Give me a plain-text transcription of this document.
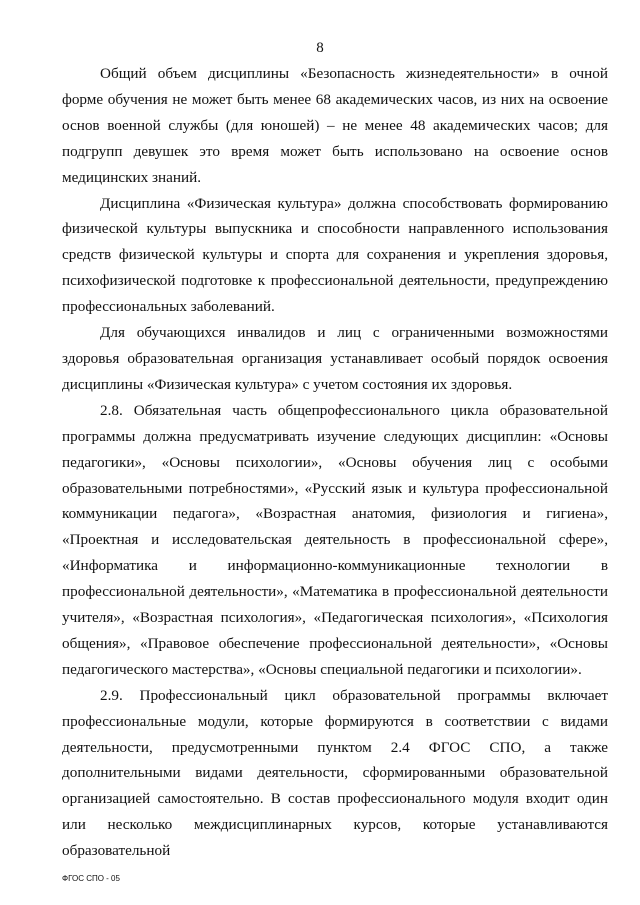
8

Общий объем дисциплины «Безопасность жизнедеятельности» в очной форме обучения не может быть менее 68 академических часов, из них на освоение основ военной службы (для юношей) – не менее 48 академических часов; для подгрупп девушек это время может быть использовано на освоение основ медицинских знаний.

Дисциплина «Физическая культура» должна способствовать формированию физической культуры выпускника и способности направленного использования средств физической культуры и спорта для сохранения и укрепления здоровья, психофизической подготовке к профессиональной деятельности, предупреждению профессиональных заболеваний.

Для обучающихся инвалидов и лиц с ограниченными возможностями здоровья образовательная организация устанавливает особый порядок освоения дисциплины «Физическая культура» с учетом состояния их здоровья.

2.8. Обязательная часть общепрофессионального цикла образовательной программы должна предусматривать изучение следующих дисциплин: «Основы педагогики», «Основы психологии», «Основы обучения лиц с особыми образовательными потребностями», «Русский язык и культура профессиональной коммуникации педагога», «Возрастная анатомия, физиология и гигиена», «Проектная и исследовательская деятельность в профессиональной сфере», «Информатика и информационно-коммуникационные технологии в профессиональной деятельности», «Математика в профессиональной деятельности учителя», «Возрастная психология», «Педагогическая психология», «Психология общения», «Правовое обеспечение профессиональной деятельности», «Основы педагогического мастерства», «Основы специальной педагогики и психологии».

2.9. Профессиональный цикл образовательной программы включает профессиональные модули, которые формируются в соответствии с видами деятельности, предусмотренными пунктом 2.4 ФГОС СПО, а также дополнительными видами деятельности, сформированными образовательной организацией самостоятельно. В состав профессионального модуля входит один или несколько междисциплинарных курсов, которые устанавливаются образовательной

ФГОС СПО - 05
